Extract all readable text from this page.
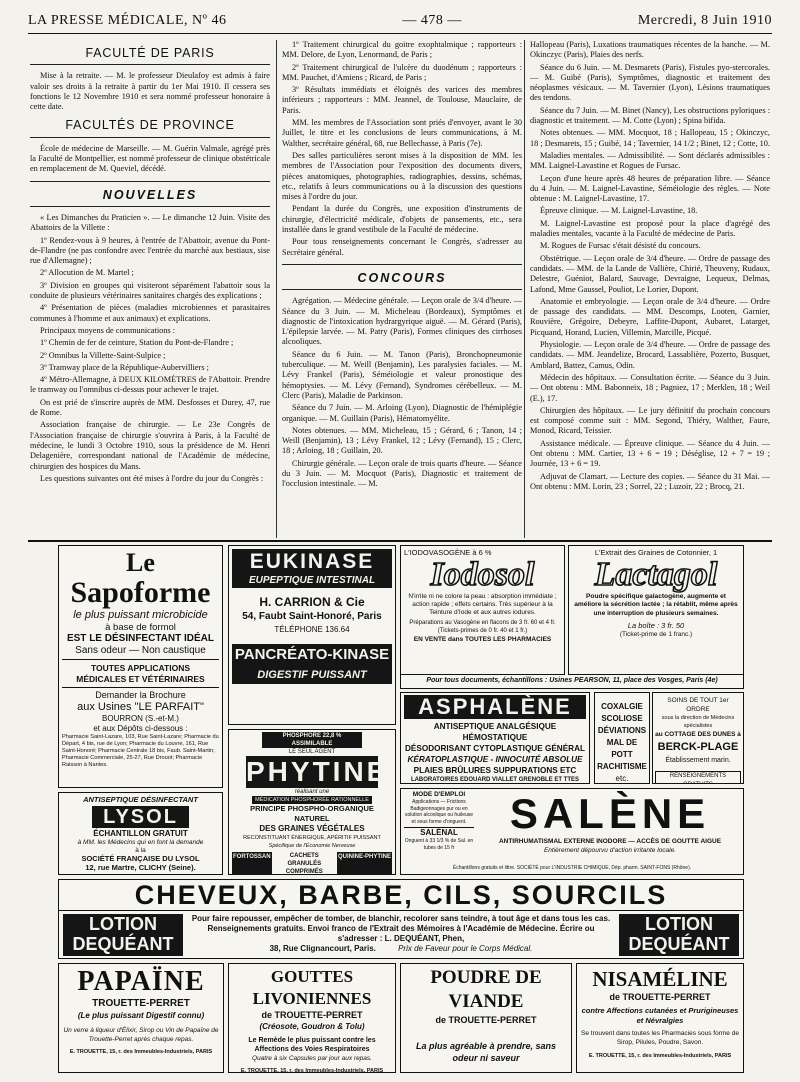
LA PRESSE MÉDICALE, Nº 46	— 478 —	Mercredi, 8 Juin 1910
FACULTÉ DE PARIS

Mise à la retraite. — M. le professeur Dieulafoy est admis à faire valoir ses droits à la retraite à partir du 1er Mai 1910. Il cessera ses fonctions le 12 Novembre 1910 et sera nommé professeur honoraire à cette date.

FACULTÉS DE PROVINCE

École de médecine de Marseille. — M. Guérin Valmale, agrégé près la Faculté de Montpellier, est nommé professeur de clinique obstétricale en remplacement de M. Queviel, décédé.

NOUVELLES

« Les Dimanches du Praticien ». — Le dimanche 12 Juin. Visite des Abattoirs de la Villette :

1º Rendez-vous à 9 heures, à l'entrée de l'Abattoir, avenue du Pont-de-Flandre (ne pas confondre avec l'entrée du marché aux bestiaux, sise rue d'Allemagne) ;

2º Allocution de M. Martel ;

3º Division en groupes qui visiteront séparément l'abattoir sous la conduite de plusieurs vétérinaires sanitaires chargés des explications ;

4º Présentation de pièces (maladies microbiennes et parasitaires communes à l'homme et aux animaux) et explications.

Principaux moyens de communications :

1º Chemin de fer de ceinture, Station du Pont-de-Flandre ;

2º Omnibus la Villette-Saint-Sulpice ;

3º Tramway place de la République-Aubervilliers ;

4º Métro-Allemagne, à DEUX KILOMÈTRES de l'Abattoir. Prendre le tramway ou l'omnibus ci-dessus pour achever le trajet.

On est prié de s'inscrire auprès de MM. Desfosses et Durey, 47, rue de Rome.

Association française de chirurgie. — Le 23e Congrès de l'Association française de chirurgie s'ouvrira à Paris, à la Faculté de médecine, le lundi 3 Octobre 1910, sous la présidence de M. Henri Delagenière, correspondant national de l'Académie de médecine, chirurgien des hospices du Mans.

Les questions suivantes ont été mises à l'ordre du jour du Congrès :

1º Traitement chirurgical du goitre exophtalmique ; rapporteurs : MM. Delore, de Lyon, Lenormand, de Paris ;

2º Traitement chirurgical de l'ulcère du duodénum ; rapporteurs : MM. Pauchet, d'Amiens ; Ricard, de Paris ;

3º Résultats immédiats et éloignés des varices des membres inférieurs ; rapporteurs : MM. Jeannel, de Toulouse, Mauclaire, de Paris.

MM. les membres de l'Association sont priés d'envoyer, avant le 30 Juillet, le titre et les conclusions de leurs communications, à M. Walther, secrétaire général, 68, rue Bellechasse, à Paris (7e).

Des salles particulières seront mises à la disposition de MM. les membres de l'Association pour l'exposition des documents divers, pièces anatomiques, photographies, radiographies, dessins, schémas, etc., relatifs à leurs communications ou à la discussion des questions mises à l'ordre du jour.

Pendant la durée du Congrès, une exposition d'instruments de chirurgie, d'électricité médicale, d'objets de pansements, etc., sera installée dans le grand vestibule de la Faculté de médecine.

Pour tous renseignements concernant le Congrès, s'adresser au Secrétaire général.

CONCOURS

Agrégation. — Médecine générale. — Leçon orale de 3/4 d'heure. — Séance du 3 Juin. — M. Micheleau (Bordeaux), Symptômes et diagnostic de l'intoxication hydrargyrique aiguë. — M. Gérard (Paris), L'épilepsie larvée. — M. Patry (Paris), Formes cliniques des cirrhoses alcooliques.

Séance du 6 Juin. — M. Tanon (Paris), Bronchopneumonie tuberculique. — M. Weill (Benjamin), Les paralysies faciales. — M. Lévy Frankel (Paris), Séméiologie et valeur pronostique des hémoptysies. — M. Lévy (Fernand), Syndromes cérébelleux. — M. Clerc (Paris), Maladie de Parkinson.

Séance du 7 Juin. — M. Arloing (Lyon), Diagnostic de l'hémiplégie organique. — M. Guillain (Paris), Hématomyélite.

Notes obtenues. — MM. Micheleau, 15 ; Gérard, 6 ; Tanon, 14 ; Weill (Benjamin), 13 ; Lévy Frankel, 12 ; Lévy (Fernand), 15 ; Clerc, 18 ; Arloing, 18 ; Guillain, 20.

Chirurgie générale. — Leçon orale de trois quarts d'heure. — Séance du 3 Juin. — M. Mocquot (Paris), Diagnostic et traitement de l'occlusion intestinale. — M.

Hallopeau (Paris), Luxations traumatiques récentes de la hanche. — M. Okinczyc (Paris), Plaies des nerfs.

Séance du 6 Juin. — M. Desmarets (Paris), Fistules pyo-stercorales. — M. Guibé (Paris), Symptômes, diagnostic et traitement des néoplasmes vésicaux. — M. Tavernier (Lyon), Lésions traumatiques des tendons.

Séance du 7 Juin. — M. Binet (Nancy), Les obstructions pyloriques : diagnostic et traitement. — M. Cotte (Lyon) ; Spina bifida.

Notes obtenues. — MM. Mocquot, 18 ; Hallopeau, 15 ; Okinczyc, 18 ; Desmarets, 15 ; Guibé, 14 ; Tavernier, 14 1/2 ; Binet, 12 ; Cotte, 10.

Maladies mentales. — Admissibilité. — Sont déclarés admissibles : MM. Laignel-Lavastine et Rogues de Fursac.

Leçon d'une heure après 48 heures de préparation libre. — Séance du 4 Juin. — M. Laignel-Lavastine, Séméiologie des règles. — Note obtenue : M. Laignel-Lavastine, 17.

Épreuve clinique. — M. Laignel-Lavastine, 18.

M. Laignel-Lavastine est proposé pour la place d'agrégé des maladies mentales, vacante à la Faculté de médecine de Paris.

M. Rogues de Fursac s'était désisté du concours.

Obstétrique. — Leçon orale de 3/4 d'heure. — Ordre de passage des candidats. — MM. de la Lande de Vallière, Chirié, Theuveny, Rudaux, Delestre, Guéniot, Balard, Sauvage, Devraigne, Lequeux, Delmas, Lafond, Mme Gaussel, Pouliot, Le Lorier, Dupont.

Anatomie et embryologie. — Leçon orale de 3/4 d'heure. — Ordre de passage des candidats. — MM. Descomps, Looten, Garnier, Rouvière, Grégoire, Debeyre, Laffite-Dupont, Aubaret, Latarget, Picquand, Horand, Lucien, Villemin, Marcille, Picqué.

Physiologie. — Leçon orale de 3/4 d'heure. — Ordre de passage des candidats. — MM. Jeandelize, Brocard, Lassablière, Pozerto, Busquet, Amblard, Battez, Camus, Odin.

Médecin des hôpitaux. — Consultation écrite. — Séance du 3 Juin. — Ont obtenu : MM. Babonneix, 18 ; Pagniez, 17 ; Merklen, 18 ; Weil (E.), 17.

Chirurgien des hôpitaux. — Le jury définitif du prochain concours est composé comme suit : MM. Segond, Thiéry, Walther, Faure, Monod, Ricard, Teissier.

Assistance médicale. — Épreuve clinique. — Séance du 4 Juin. — Ont obtenu : MM. Cartier, 13 + 6 = 19 ; Déséglise, 12 + 7 = 19 ; Journée, 13 + 6 = 19.

Adjuvat de Clamart. — Lecture des copies. — Séance du 31 Mai. — Ont obtenu : MM. Lorin, 23 ; Sorrel, 22 ; Luzoir, 22 ; Brocq, 21.

Le
Sapoforme
le plus puissant microbicide
à base de formol
EST LE DÉSINFECTANT IDÉAL
Sans odeur — Non caustique
TOUTES APPLICATIONS
MÉDICALES ET VÉTÉRINAIRES
Demander la Brochure
aux Usines "LE PARFAIT"
BOURRON (S.-et-M.)
et aux Dépôts ci-dessous :
Pharmacie Saint-Lazare, 103, Rue Saint-Lazare; Pharmacie du Départ, 4 bis, rue de Lyon; Pharmacie du Louvre, 161, Rue Saint-Honoré; Pharmacie Centrale 18 bis, Faub. Saint-Martin; Pharmacie Commerciale, 25-27, Rue Drouot; Pharmacie Raisson à Nantes.
EUKINASE
EUPEPTIQUE INTESTINAL
H. CARRION & Cie
54, Faubt Saint-Honoré, Paris
TÉLÉPHONE 136.64
PANCRÉATO-KINASE
DIGESTIF PUISSANT
L'IODOVASOGÈNE à 6 %
Iodosol
N'irrite ni ne colore la peau : absorption immédiate ; action rapide ; effets certains. Très supérieur à la Teinture d'Iode et aux autres iodures.
Préparations au Vasogène en flacons de 3 fr. 60 et 4 fr.
(Tickets-primes de 0 fr. 40 et 1 fr.)
EN VENTE dans TOUTES LES PHARMACIES
L'Extrait des Graines de Cotonnier, 1
Lactagol
Poudre spécifique galactogène, augmente et améliore la sécrétion lactée ; la rétablit, même après une interruption de plusieurs semaines.
La boîte : 3 fr. 50
(Ticket-prime de 1 franc.)
Pour tous documents, échantillons : Usines PEARSON, 11, place des Vosges, Paris (4e)
ASPHALÈNE
ANTISEPTIQUE ANALGÉSIQUE HÉMOSTATIQUE
DÉSODORISANT CYTOPLASTIQUE GÉNÉRAL
KÉRATOPLASTIQUE - INNOCUITÉ ABSOLUE
PLAIES BRÛLURES SUPPURATIONS ETC
LABORATOIRES EDOUARD VIALLET GRENOBLE ET TTES
COXALGIE
SCOLIOSE
DÉVIATIONS
MAL DE POTT
RACHITISME
etc.
SOINS DE TOUT 1er ORDRE
sous la direction de Médecins spécialistes
au COTTAGE DES DUNES à
BERCK-PLAGE
Établissement marin.
RENSEIGNEMENTS
PHOSPHORE 22,8 % ASSIMILABLE
LE SEUL AGENT
PHYTINE
réalisant une
MÉDICATION PHOSPHORÉE RATIONNELLE
PRINCIPE PHOSPHO-ORGANIQUE NATUREL
DES GRAINES VÉGÉTALES
RECONSTITUANT ÉNERGIQUE, APÉRITIF PUISSANT
Spécifique de l'Économie Nerveuse
FORTOSSAN	CACHETS
GRANULÉS
COMPRIMÉS
QUININE-PHYTINE
ANTISEPTIQUE DÉSINFECTANT
LYSOL
ÉCHANTILLON GRATUIT
à MM. les Médecins qui en font la demande
à la
SOCIÉTÉ FRANÇAISE DU LYSOL
12, rue Martre, CLICHY (Seine).
MODE D'EMPLOI
Applications — Frictions Badigeonnages pur ou en solution alcoolique ou huileuse et sous forme d'onguent.
SALÉNAL
Onguent à 33 1/3 % de Sal. en tubes de 15 fr
SALÈNE
ANTIRHUMATISMAL EXTERNE INODORE — ACCÈS DE GOUTTE AIGUE
Entièrement dépourvu d'action irritante locale.
Échantillons gratuits et littre. SOCIÉTÉ pour L'INDUSTRIE CHIMIQUE, Dép. pharm. SAINT-FONS (Rhône).
CHEVEUX, BARBE, CILS, SOURCILS
LOTION
DEQUÉANT
Pour faire repousser, empêcher de tomber, de blanchir, recolorer sans teindre, à tout âge et dans tous les cas. Renseignements gratuits. Envoi franco de l'Extrait des Mémoires à l'Académie de Médecine. Écrire ou s'adresser : L. DEQUÉANT, Phen,
38, Rue Clignancourt, Paris.	Prix de Faveur pour le Corps Médical.
LOTION
DEQUÉANT
PAPAÏNE
TROUETTE-PERRET
(Le plus puissant Digestif connu)
Un verre à liqueur d'Élixir, Sirop ou Vin de Papaïne de Trouette-Perret après chaque repas.
E. TROUETTE, 15, r. des Immeubles-Industriels, PARIS
GOUTTES LIVONIENNES
de TROUETTE-PERRET
(Créosote, Goudron & Tolu)
Le Remède le plus puissant contre les Affections des Voies Respiratoires
Quatre à six Capsules par jour aux repas.
E. TROUETTE, 15, r. des Immeubles-Industriels, PARIS
POUDRE DE VIANDE
de TROUETTE-PERRET
La plus agréable à prendre, sans odeur ni saveur
NISAMÉLINE
de TROUETTE-PERRET
contre Affections cutanées et Prurigineuses et Névralgies
Se trouvent dans toutes les Pharmacies sous forme de Sirop, Pilules, Poudre, Savon.
E. TROUETTE, 15, r. des Immeubles-Industriels, PARIS
